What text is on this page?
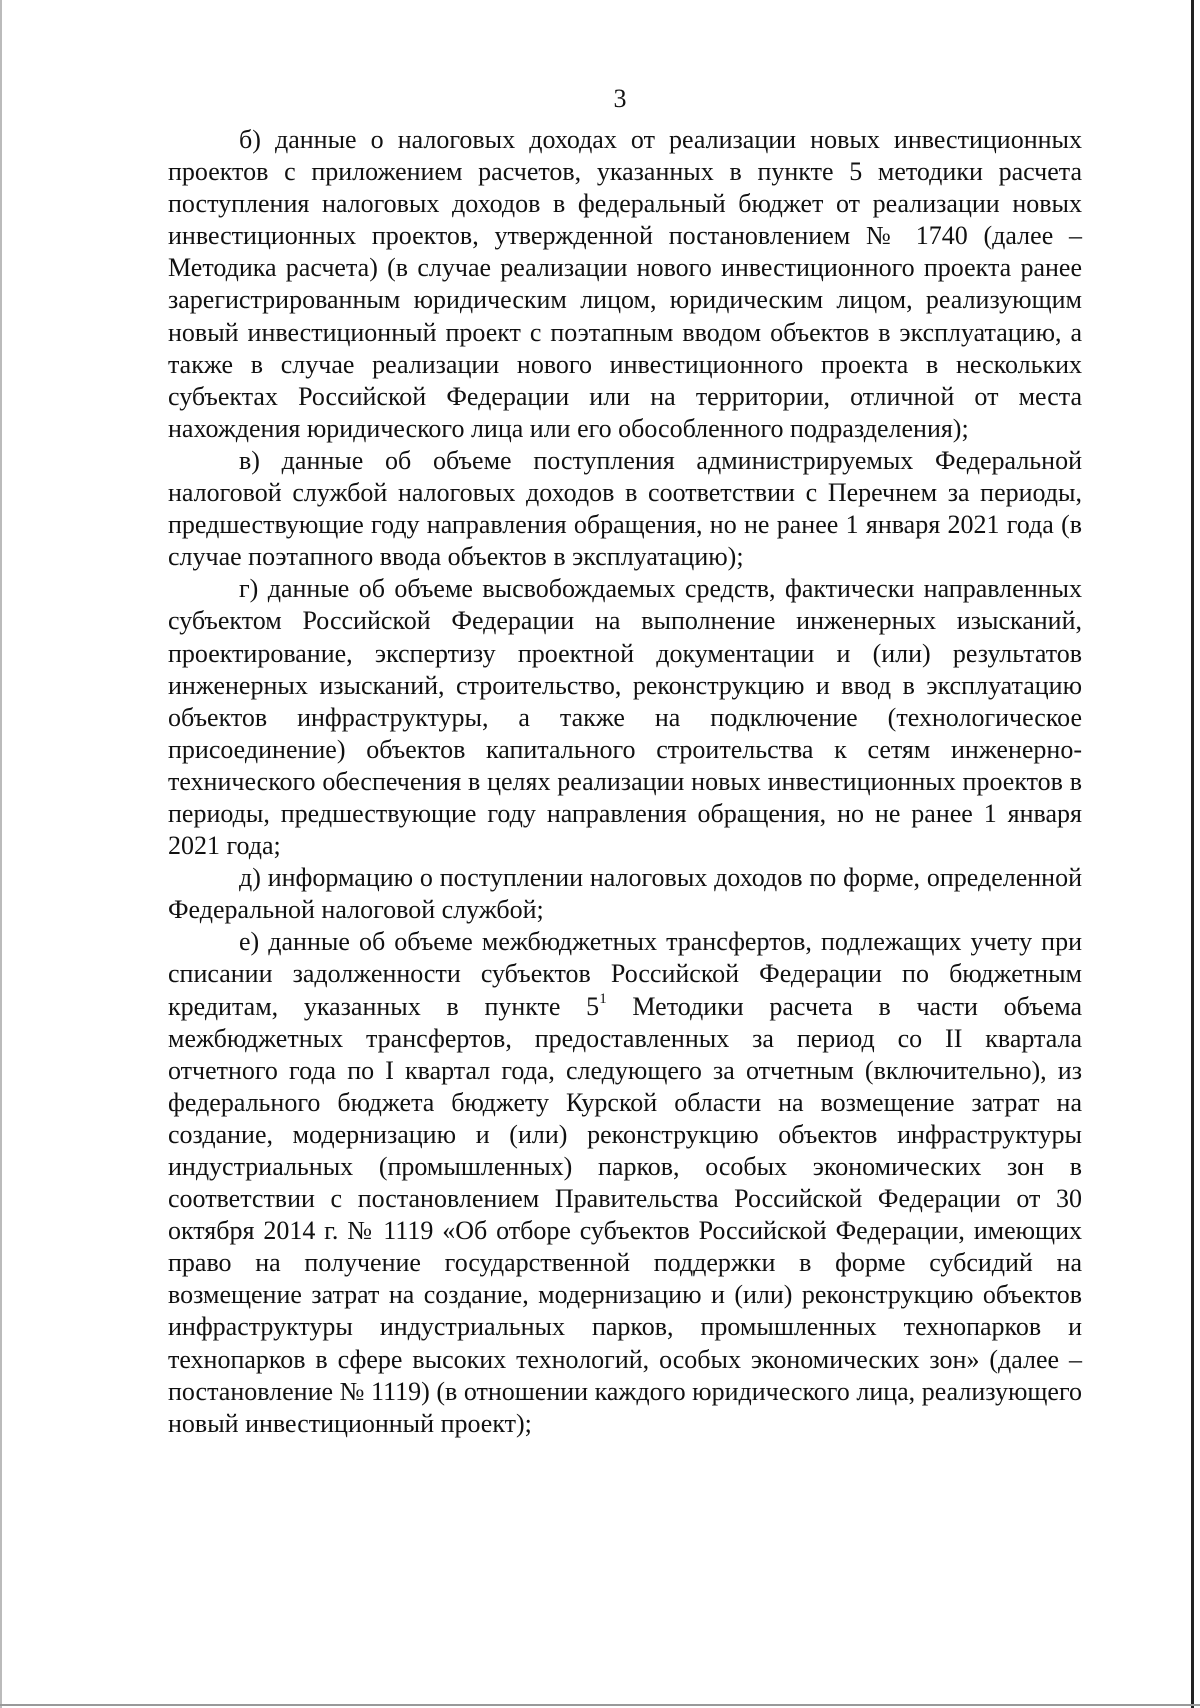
3

б) данные о налоговых доходах от реализации новых инвестиционных проектов с приложением расчетов, указанных в пункте 5 методики расчета поступления налоговых доходов в федеральный бюджет от реализации новых инвестиционных проектов, утвержденной постановлением № 1740 (далее – Методика расчета) (в случае реализации нового инвестиционного проекта ранее зарегистрированным юридическим лицом, юридическим лицом, реализующим новый инвестиционный проект с поэтапным вводом объектов в эксплуатацию, а также в случае реализации нового инвестиционного проекта в нескольких субъектах Российской Федерации или на территории, отличной от места нахождения юридического лица или его обособленного подразделения);

в) данные об объеме поступления администрируемых Федеральной налоговой службой налоговых доходов в соответствии с Перечнем за периоды, предшествующие году направления обращения, но не ранее 1 января 2021 года (в случае поэтапного ввода объектов в эксплуатацию);

г) данные об объеме высвобождаемых средств, фактически направленных субъектом Российской Федерации на выполнение инженерных изысканий, проектирование, экспертизу проектной документации и (или) результатов инженерных изысканий, строительство, реконструкцию и ввод в эксплуатацию объектов инфраструктуры, а также на подключение (технологическое присоединение) объектов капитального строительства к сетям инженерно-технического обеспечения в целях реализации новых инвестиционных проектов в периоды, предшествующие году направления обращения, но не ранее 1 января 2021 года;

д) информацию о поступлении налоговых доходов по форме, определенной Федеральной налоговой службой;

е) данные об объеме межбюджетных трансфертов, подлежащих учету при списании задолженности субъектов Российской Федерации по бюджетным кредитам, указанных в пункте $5^1$ Методики расчета в части объема межбюджетных трансфертов, предоставленных за период со II квартала отчетного года по I квартал года, следующего за отчетным (включительно), из федерального бюджета бюджету Курской области на возмещение затрат на создание, модернизацию и (или) реконструкцию объектов инфраструктуры индустриальных (промышленных) парков, особых экономических зон в соответствии с постановлением Правительства Российской Федерации от 30 октября 2014 г. № 1119 «Об отборе субъектов Российской Федерации, имеющих право на получение государственной поддержки в форме субсидий на возмещение затрат на создание, модернизацию и (или) реконструкцию объектов инфраструктуры индустриальных парков, промышленных технопарков и технопарков в сфере высоких технологий, особых экономических зон» (далее – постановление № 1119) (в отношении каждого юридического лица, реализующего новый инвестиционный проект);
